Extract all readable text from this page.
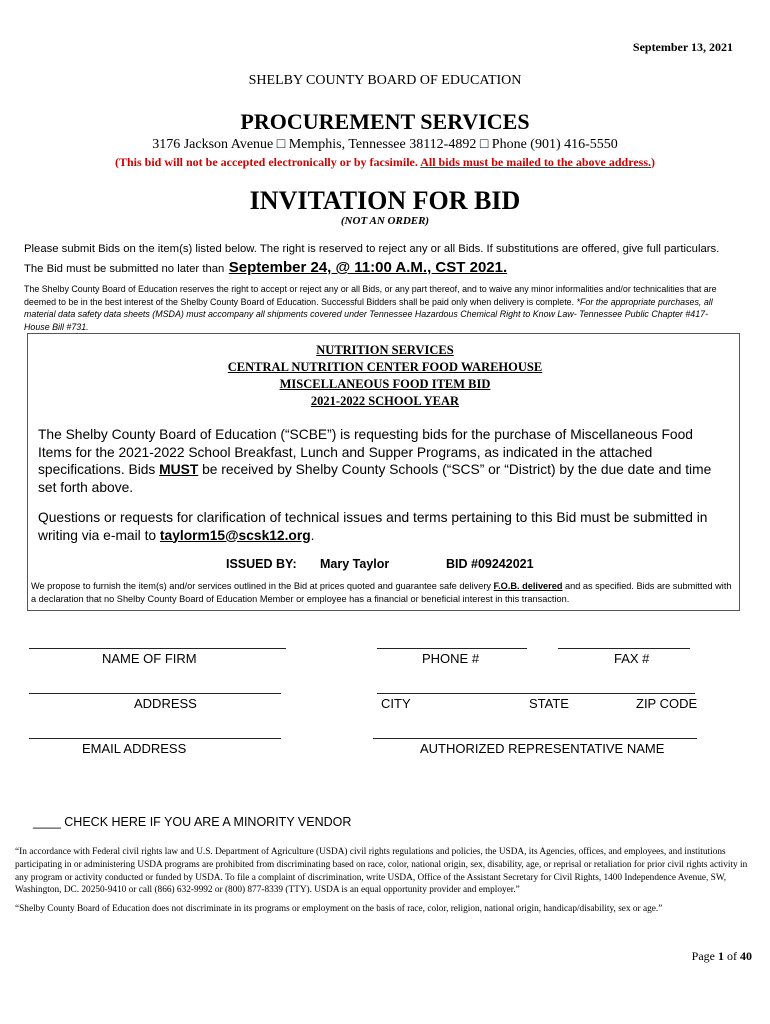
September 13, 2021
SHELBY COUNTY BOARD OF EDUCATION
PROCUREMENT SERVICES
3176 Jackson Avenue □ Memphis, Tennessee 38112-4892 □ Phone (901) 416-5550
(This bid will not be accepted electronically or by facsimile. All bids must be mailed to the above address.)
INVITATION FOR BID
(NOT AN ORDER)
Please submit Bids on the item(s) listed below. The right is reserved to reject any or all Bids. If substitutions are offered, give full particulars.
The Bid must be submitted no later than September 24, @ 11:00 A.M., CST 2021.
The Shelby County Board of Education reserves the right to accept or reject any or all Bids, or any part thereof, and to waive any minor informalities and/or technicalities that are deemed to be in the best interest of the Shelby County Board of Education. Successful Bidders shall be paid only when delivery is complete. *For the appropriate purchases, all material data safety data sheets (MSDA) must accompany all shipments covered under Tennessee Hazardous Chemical Right to Know Law- Tennessee Public Chapter #417- House Bill #731.
NUTRITION SERVICES
CENTRAL NUTRITION CENTER FOOD WAREHOUSE
MISCELLANEOUS FOOD ITEM BID
2021-2022 SCHOOL YEAR
The Shelby County Board of Education (“SCBE”) is requesting bids for the purchase of Miscellaneous Food Items for the 2021-2022 School Breakfast, Lunch and Supper Programs, as indicated in the attached specifications. Bids MUST be received by Shelby County Schools (“SCS” or “District) by the due date and time set forth above.
Questions or requests for clarification of technical issues and terms pertaining to this Bid must be submitted in writing via e-mail to taylorm15@scsk12.org.
ISSUED BY: Mary Taylor	BID #09242021
We propose to furnish the item(s) and/or services outlined in the Bid at prices quoted and guarantee safe delivery F.O.B. delivered and as specified. Bids are submitted with a declaration that no Shelby County Board of Education Member or employee has a financial or beneficial interest in this transaction.
NAME OF FIRM	PHONE #	FAX #
ADDRESS	CITY	STATE	ZIP CODE
EMAIL ADDRESS	AUTHORIZED REPRESENTATIVE NAME
____ CHECK HERE IF YOU ARE A MINORITY VENDOR
“In accordance with Federal civil rights law and U.S. Department of Agriculture (USDA) civil rights regulations and policies, the USDA, its Agencies, offices, and employees, and institutions participating in or administering USDA programs are prohibited from discriminating based on race, color, national origin, sex, disability, age, or reprisal or retaliation for prior civil rights activity in any program or activity conducted or funded by USDA. To file a complaint of discrimination, write USDA, Office of the Assistant Secretary for Civil Rights, 1400 Independence Avenue, SW, Washington, DC. 20250-9410 or call (866) 632-9992 or (800) 877-8339 (TTY). USDA is an equal opportunity provider and employer.”
“Shelby County Board of Education does not discriminate in its programs or employment on the basis of race, color, religion, national origin, handicap/disability, sex or age.”
Page 1 of 40
